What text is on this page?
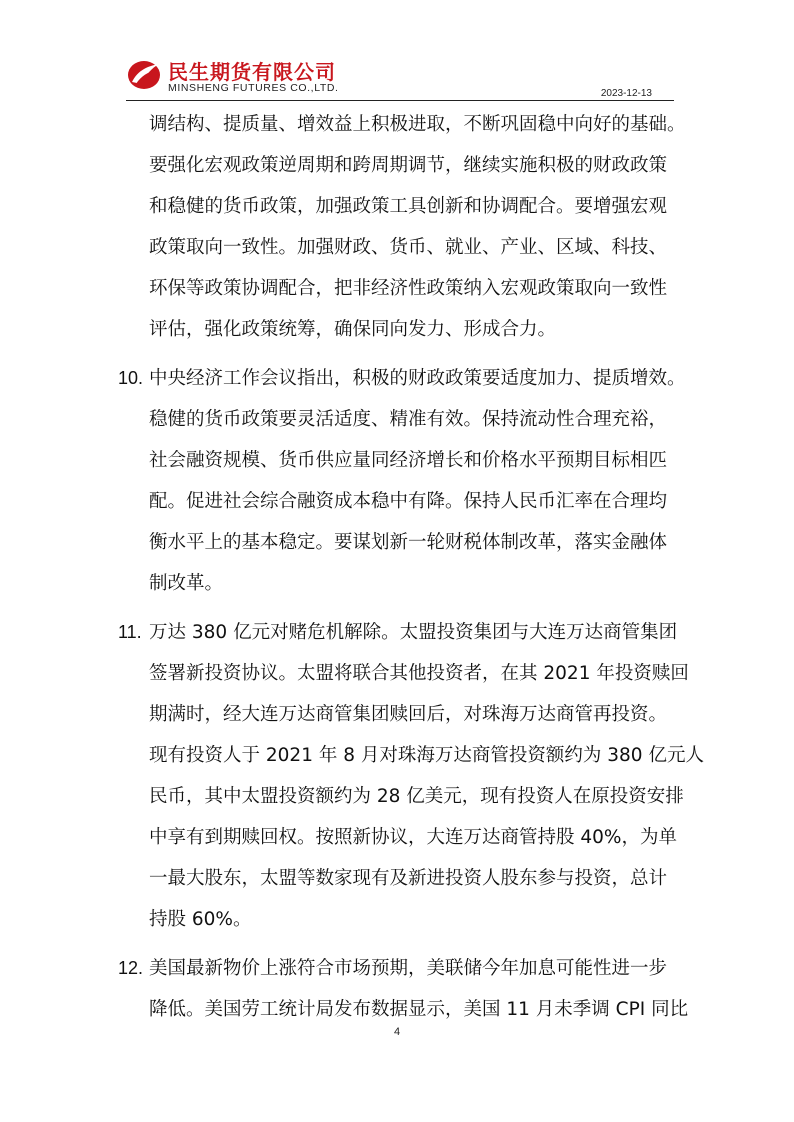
民生期货有限公司
MINSHENG FUTURES CO.,LTD.	2023-12-13
调结构、提质量、增效益上积极进取，不断巩固稳中向好的基础。
要强化宏观政策逆周期和跨周期调节，继续实施积极的财政政策
和稳健的货币政策，加强政策工具创新和协调配合。要增强宏观
政策取向一致性。加强财政、货币、就业、产业、区域、科技、
环保等政策协调配合，把非经济性政策纳入宏观政策取向一致性
评估，强化政策统筹，确保同向发力、形成合力。
10. 中央经济工作会议指出，积极的财政政策要适度加力、提质增效。
稳健的货币政策要灵活适度、精准有效。保持流动性合理充裕，
社会融资规模、货币供应量同经济增长和价格水平预期目标相匹
配。促进社会综合融资成本稳中有降。保持人民币汇率在合理均
衡水平上的基本稳定。要谋划新一轮财税体制改革，落实金融体
制改革。
11. 万达 380 亿元对赌危机解除。太盟投资集团与大连万达商管集团
签署新投资协议。太盟将联合其他投资者，在其 2021 年投资赎回
期满时，经大连万达商管集团赎回后，对珠海万达商管再投资。
现有投资人于 2021 年 8 月对珠海万达商管投资额约为 380 亿元人
民币，其中太盟投资额约为 28 亿美元，现有投资人在原投资安排
中享有到期赎回权。按照新协议，大连万达商管持股 40%，为单
一最大股东，太盟等数家现有及新进投资人股东参与投资，总计
持股 60%。
12. 美国最新物价上涨符合市场预期，美联储今年加息可能性进一步
降低。美国劳工统计局发布数据显示，美国 11 月未季调 CPI 同比
4
